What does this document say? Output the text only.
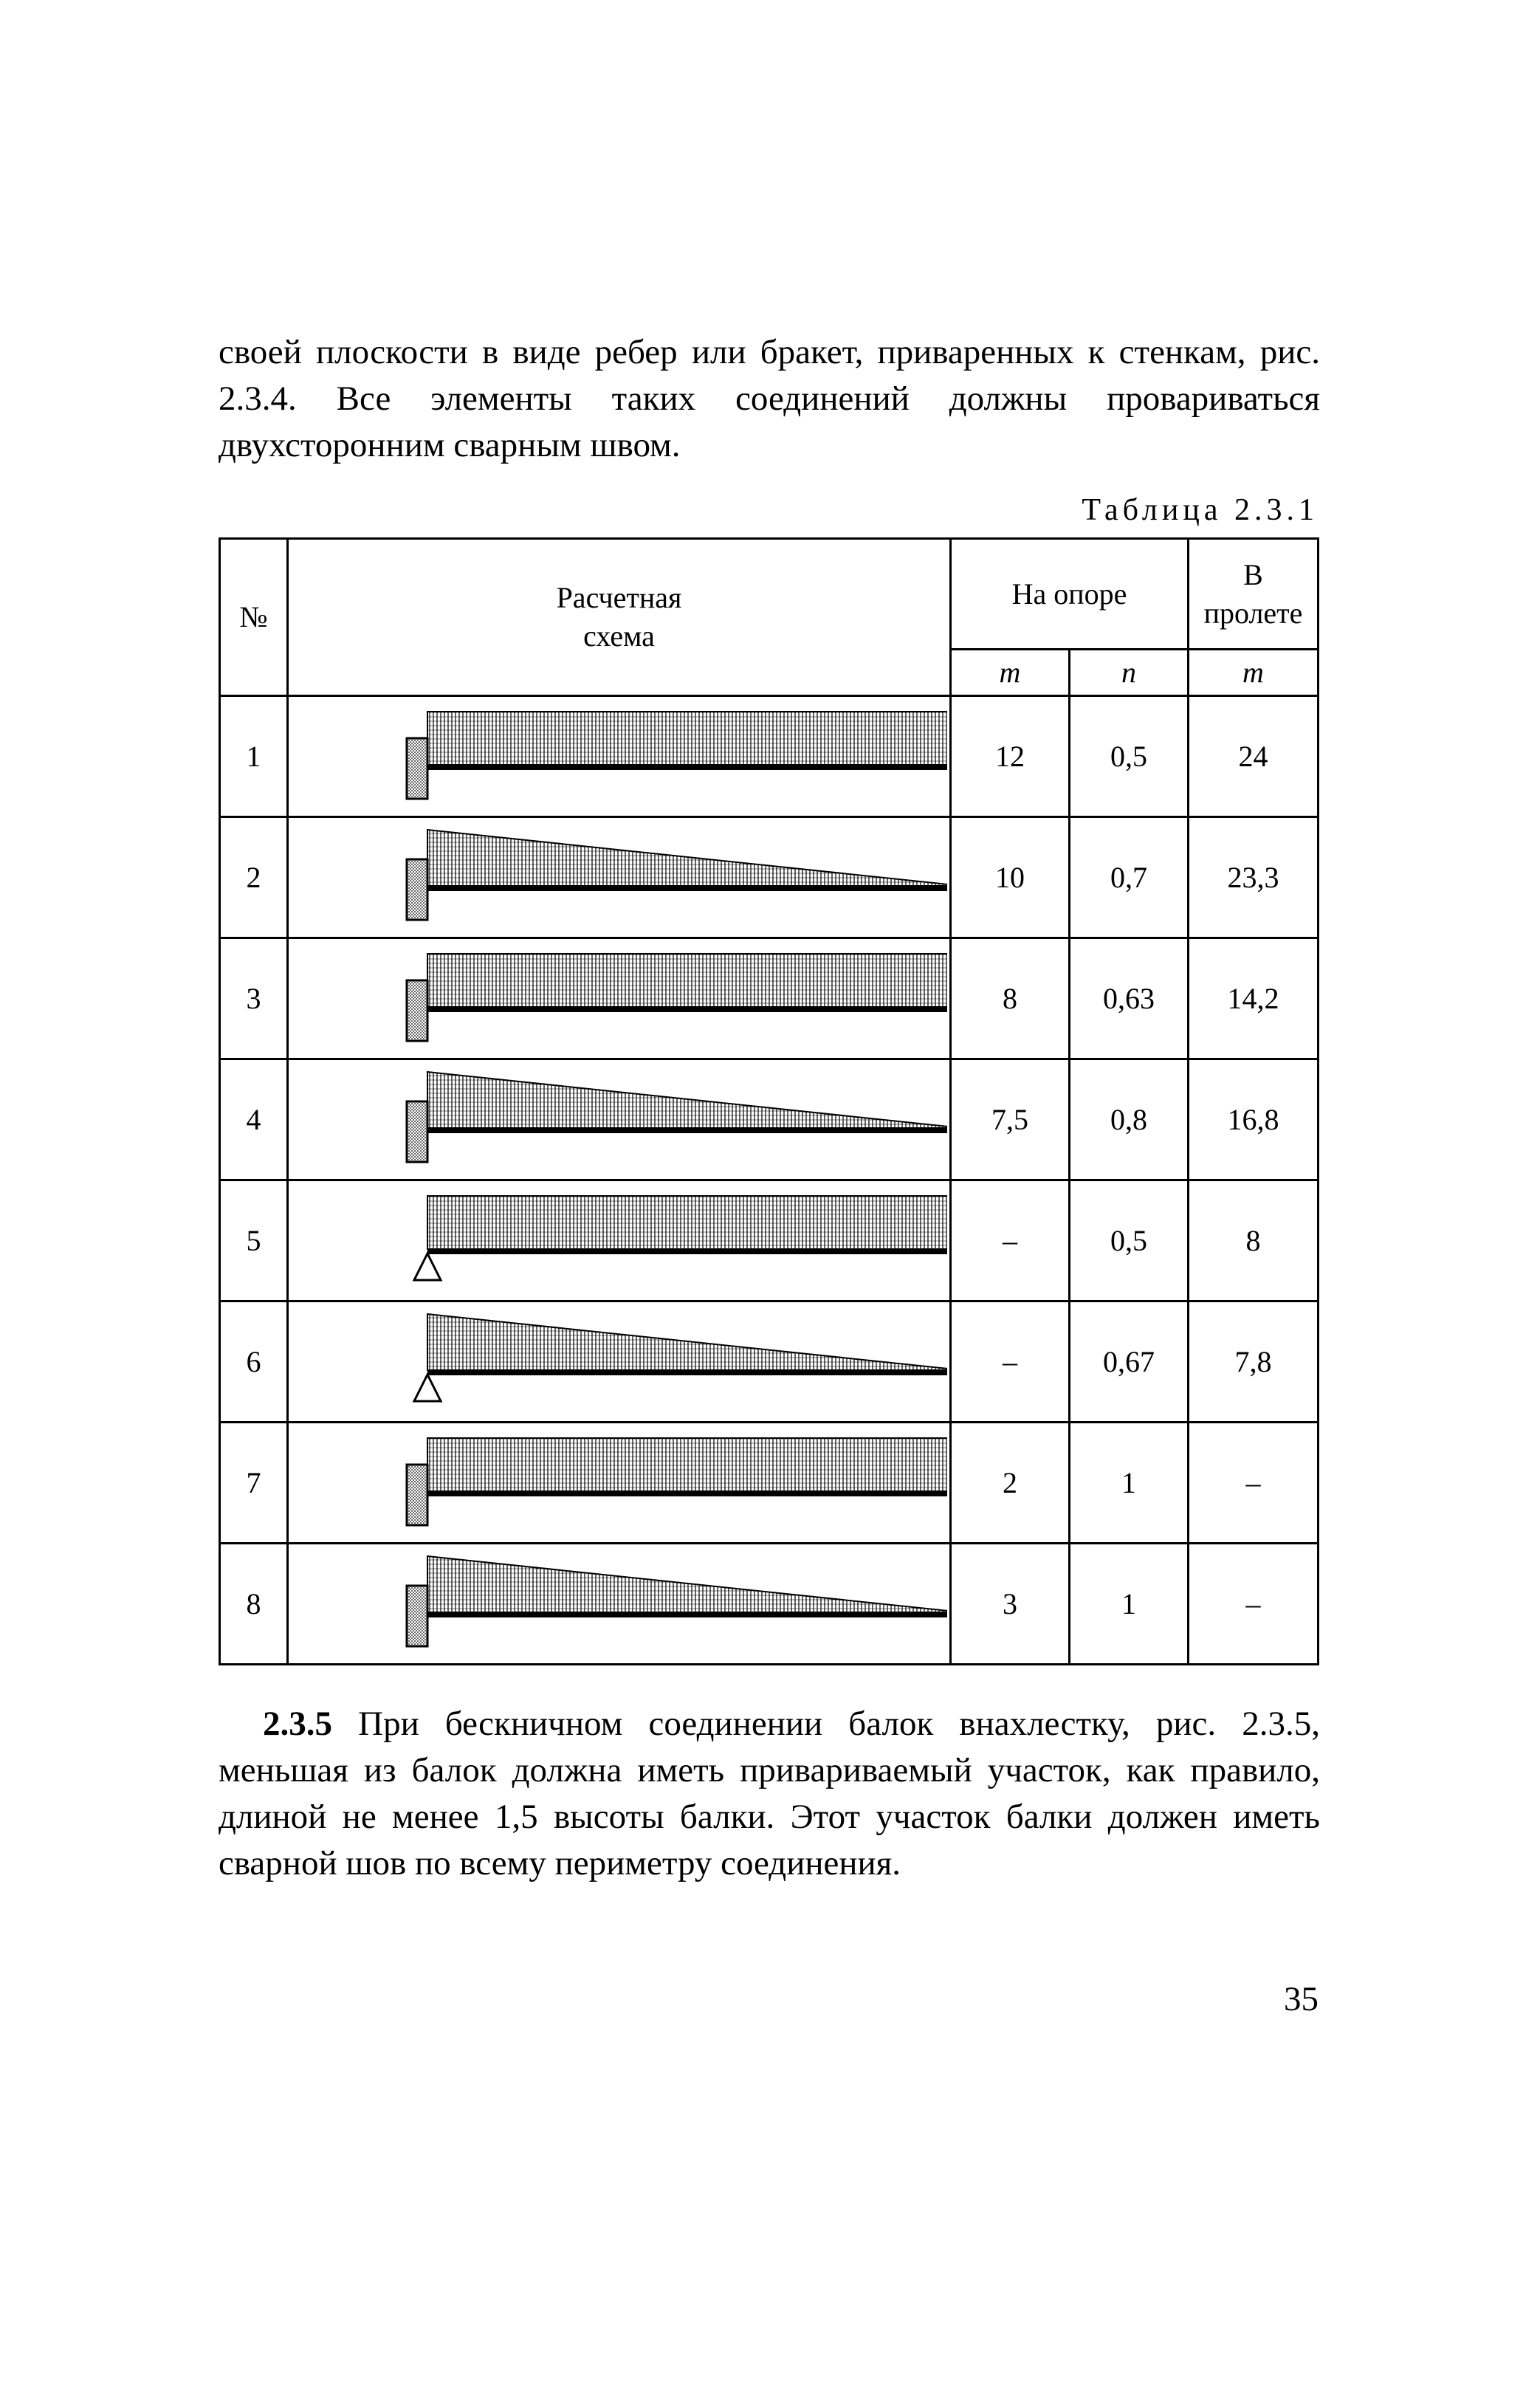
своей плоскости в виде ребер или бракет, приваренных к стенкам, рис. 2.3.4. Все элементы таких соединений должны провариваться двухсторонним сварным швом.

Таблица 2.3.1
№	Расчетная схема	На опоре		В пролете
		m	n	m
1		12	0,5	24
2		10	0,7	23,3
3		8	0,63	14,2
4		7,5	0,8	16,8
5		–	0,5	8
6		–	0,67	7,8
7		2	1	–
8		3	1	–

2.3.5 При бескничном соединении балок внахлестку, рис. 2.3.5, меньшая из балок должна иметь привариваемый участок, как правило, длиной не менее 1,5 высоты балки. Этот участок балки должен иметь сварной шов по всему периметру соединения.

35
